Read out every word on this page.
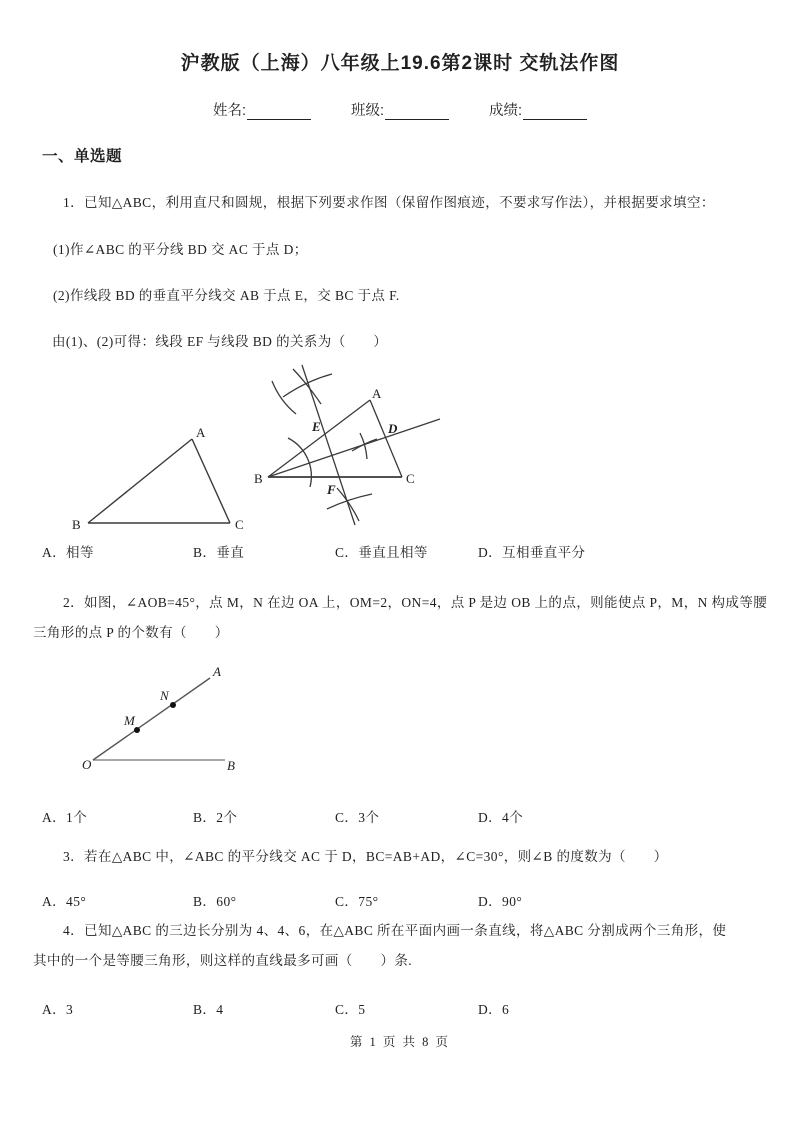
沪教版（上海）八年级上19.6第2课时 交轨法作图
姓名:	班级:	成绩:
一、单选题
1．已知△ABC，利用直尺和圆规，根据下列要求作图（保留作图痕迹，不要求写作法），并根据要求填空：
(1)作∠ABC 的平分线 BD 交 AC 于点 D；
(2)作线段 BD 的垂直平分线交 AB 于点 E，交 BC 于点 F.
由(1)、(2)可得：线段 EF 与线段 BD 的关系为（　　）
A
B	C
A
B	C
D
E
F
A．相等	B．垂直	C．垂直且相等	D．互相垂直平分
2．如图，∠AOB=45°，点 M，N 在边 OA 上，OM=2，ON=4，点 P 是边 OB 上的点，则能使点 P，M，N 构成等腰
三角形的点 P 的个数有（　　）
O
A
B
M
N
A．1个	B．2个	C．3个	D．4个
3．若在△ABC 中，∠ABC 的平分线交 AC 于 D，BC=AB+AD，∠C=30°，则∠B 的度数为（　　）
A．45°	B．60°	C．75°	D．90°
4．已知△ABC 的三边长分别为 4、4、6，在△ABC 所在平面内画一条直线，将△ABC 分割成两个三角形，使
其中的一个是等腰三角形，则这样的直线最多可画（　　）条.
A．3	B．4	C．5	D．6
第 1 页 共 8 页
